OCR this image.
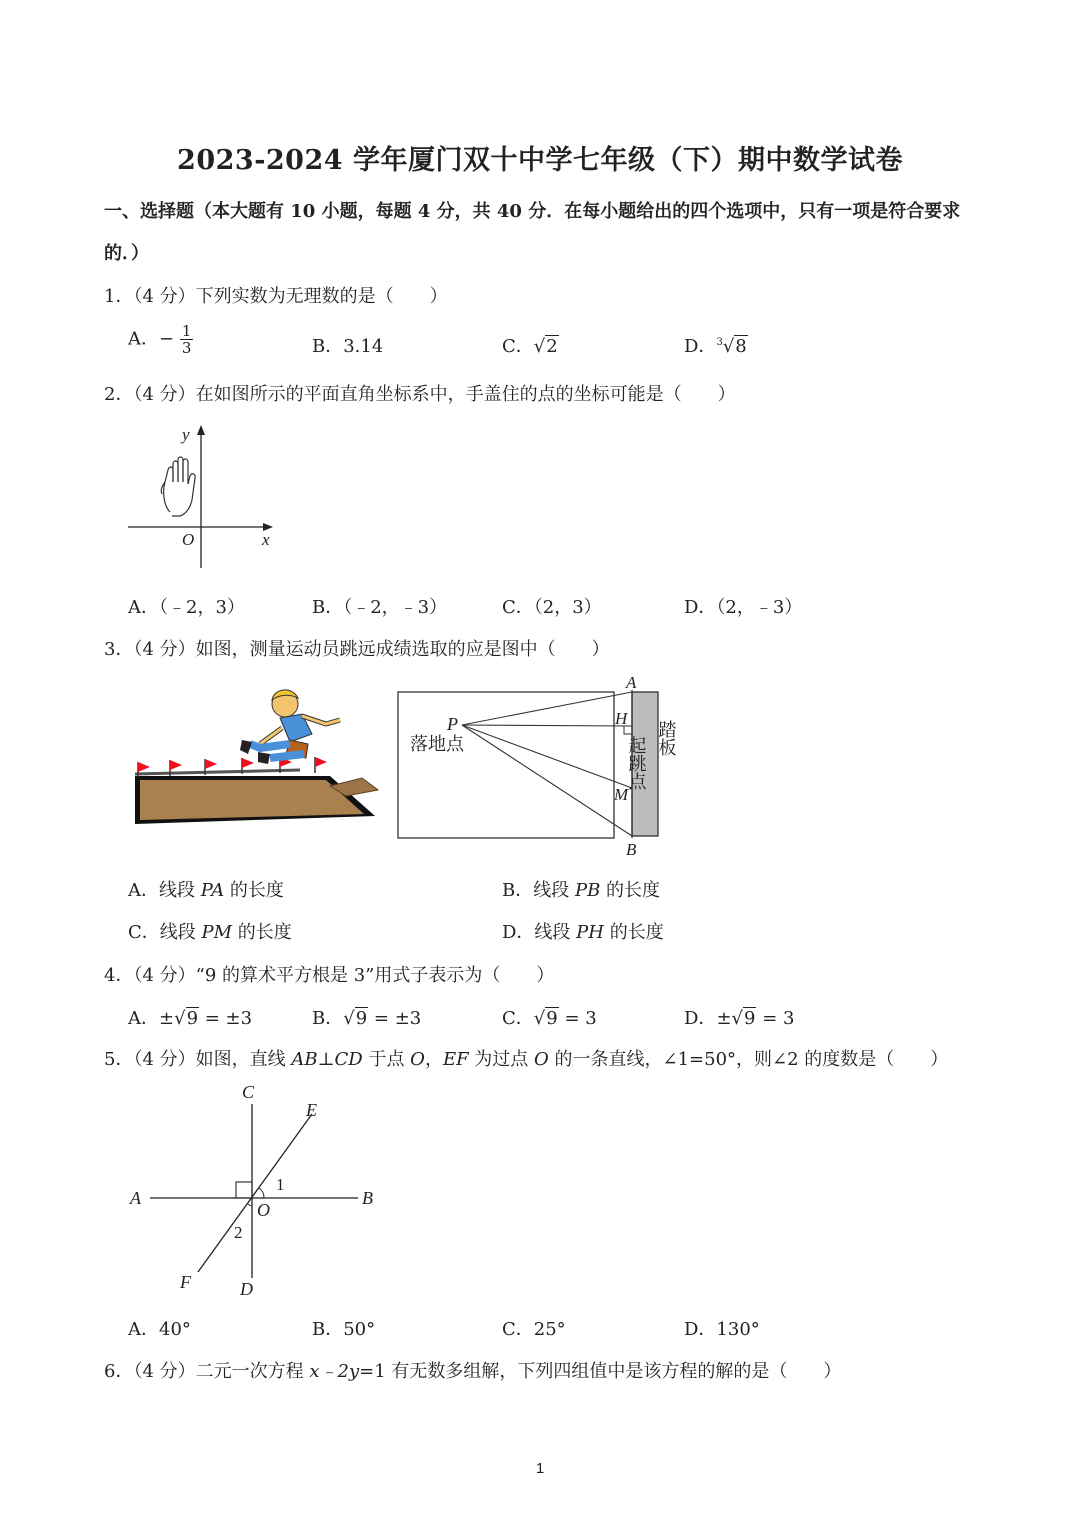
2023-2024 学年厦门双十中学七年级（下）期中数学试卷
一、选择题（本大题有 10 小题，每题 4 分，共 40 分．在每小题给出的四个选项中，只有一项是符合要求
的．）
1．（4 分）下列实数为无理数的是（　　）
A．− $\frac{1}{3}$	B．3.14	C．√2	D．$^3$√8
2．（4 分）在如图所示的平面直角坐标系中，手盖住的点的坐标可能是（　　）
y
x
O
A．（﹣2，3）	B．（﹣2，﹣3）	C．（2，3）	D．（2，﹣3）
3．（4 分）如图，测量运动员跳远成绩选取的应是图中（　　）
P
落地点
A
H
M
B
踏板
起跳点
A．线段 PA 的长度	B．线段 PB 的长度
C．线段 PM 的长度	D．线段 PH 的长度
4．（4 分）“9 的算术平方根是 3”用式子表示为（　　）
A．±√9 = ±3	B．√9 = ±3	C．√9 = 3	D．±√9 = 3
5．（4 分）如图，直线 AB⊥CD 于点 O，EF 为过点 O 的一条直线，∠1=50°，则∠2 的度数是（　　）
C
E
A	B
O
1
2
F	D
A．40°	B．50°	C．25°	D．130°
6．（4 分）二元一次方程 x﹣2y=1 有无数多组解，下列四组值中是该方程的解的是（　　）
1
